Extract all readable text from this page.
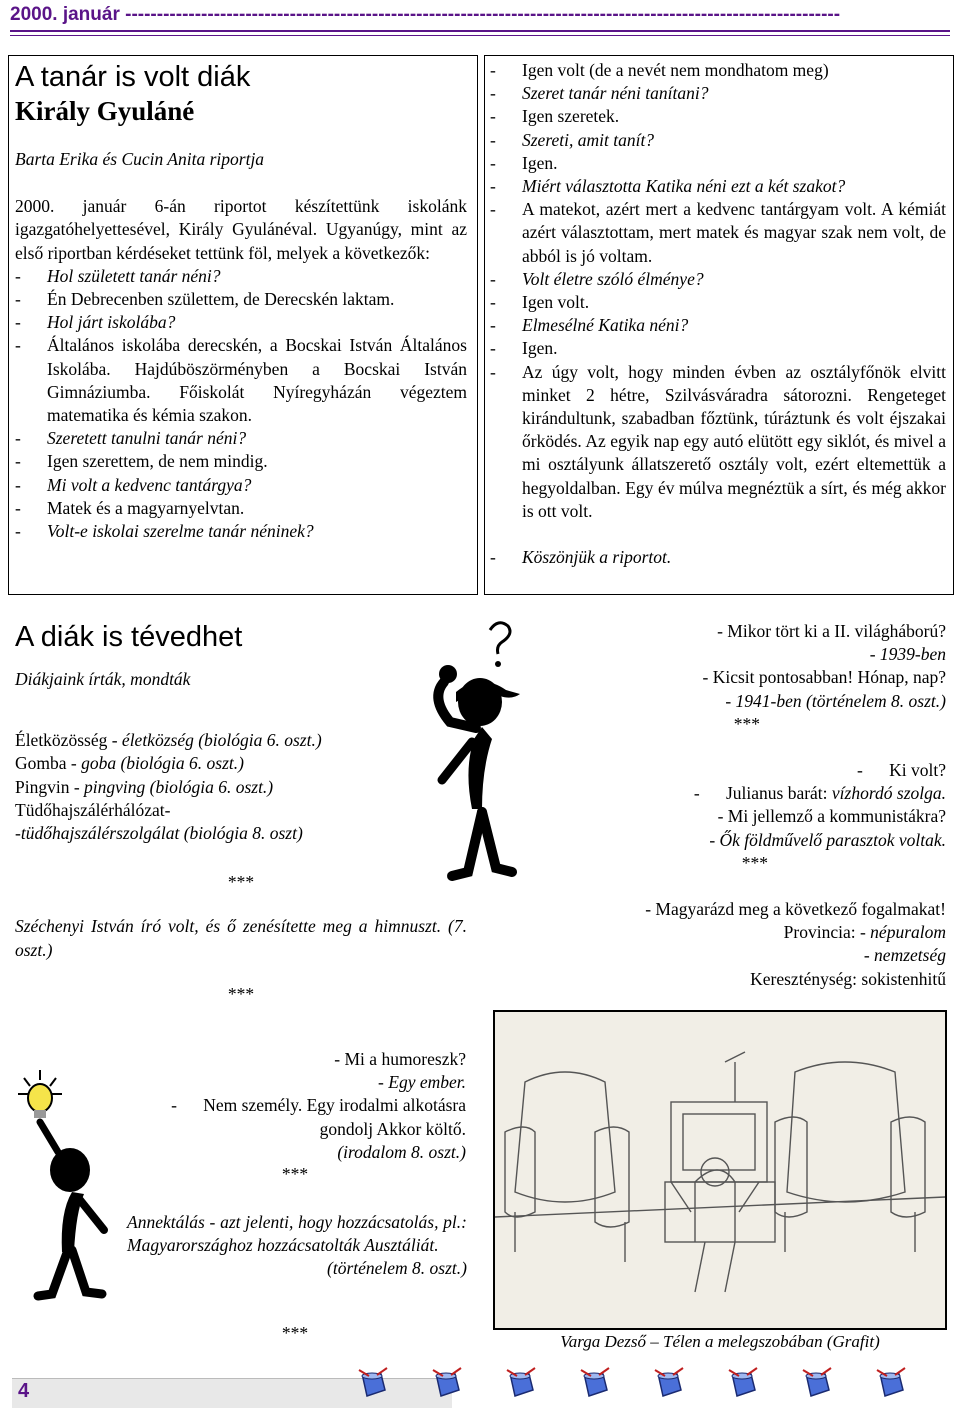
2000. január -----------------------------------------------------------------------------------------------------------------
A tanár is volt diák
Király Gyuláné
Barta Erika és Cucin Anita riportja
2000. január 6-án riportot készítettünk iskolánk igazgatóhelyettesével, Király Gyulánéval. Ugyanúgy, mint az első riportban kérdéseket tettünk föl, melyek a következők:
-	Hol született tanár néni?
-	Én Debrecenben születtem, de Derecskén laktam.
-	Hol járt iskolába?
-	Általános iskolába derecskén, a Bocskai István Általános Iskolába. Hajdúböszörményben a Bocskai István Gimnáziumba. Főiskolát Nyíregyházán végeztem matematika és kémia szakon.
-	Szeretett tanulni tanár néni?
-	Igen szerettem, de nem mindig.
-	Mi volt a kedvenc tantárgya?
-	Matek és a magyarnyelvtan.
-	Volt-e iskolai szerelme tanár néninek?
-	Igen volt (de a nevét nem mondhatom meg)
-	Szeret tanár néni tanítani?
-	Igen szeretek.
-	Szereti, amit tanít?
-	Igen.
-	Miért választotta Katika néni ezt a két szakot?
-	A matekot, azért mert a kedvenc tantárgyam volt. A kémiát azért választottam, mert matek és magyar szak nem volt, de abból is jó voltam.
-	Volt életre szóló élménye?
-	Igen volt.
-	Elmesélné Katika néni?
-	Igen.
-	Az úgy volt, hogy minden évben az osztályfőnök elvitt minket 2 hétre, Szilvásváradra sátorozni. Rengeteget kirándultunk, szabadban főztünk, túráztunk és volt éjszakai őrködés. Az egyik nap egy autó elütött egy siklót, és mivel a mi osztályunk állatszerető osztály volt, ezért eltemettük a hegyoldalban. Egy év múlva megnéztük a sírt, és még akkor is ott volt.
-	Köszönjük a riportot.
A diák is tévedhet
Diákjaink írták, mondták
Életközösség - életközség (biológia 6. oszt.)
Gomba - goba (biológia 6. oszt.)
Pingvin - pingving (biológia 6. oszt.)
Tüdőhajszálérhálózat-
-tüdőhajszálérszolgálat (biológia 8. oszt)
***
Széchenyi István író volt, és ő zenésítette meg a himnuszt. (7. oszt.)
***
- Mi a humoreszk?
- Egy ember.
-      Nem személy. Egy irodalmi alkotásra
gondolj Akkor költő.
(irodalom 8. oszt.)
***
Annektálás - azt jelenti, hogy hozzácsatolás, pl.: Magyarországhoz hozzácsatolták Ausztáliát.
(történelem 8. oszt.)
***
- Mikor tört ki a II. világháború?
- 1939-ben
- Kicsit pontosabban! Hónap, nap?
- 1941-ben (történelem 8. oszt.)
***
-      Ki volt?
-      Julianus barát: vízhordó szolga.
- Mi jellemző a kommunistákra?
- Ők földművelő parasztok voltak.
***
- Magyarázd meg a következő fogalmakat!
Provincia: - népuralom
- nemzetség
Kereszténység: sokistenhitű
Varga Dezső – Télen a melegszobában (Grafit)
4
